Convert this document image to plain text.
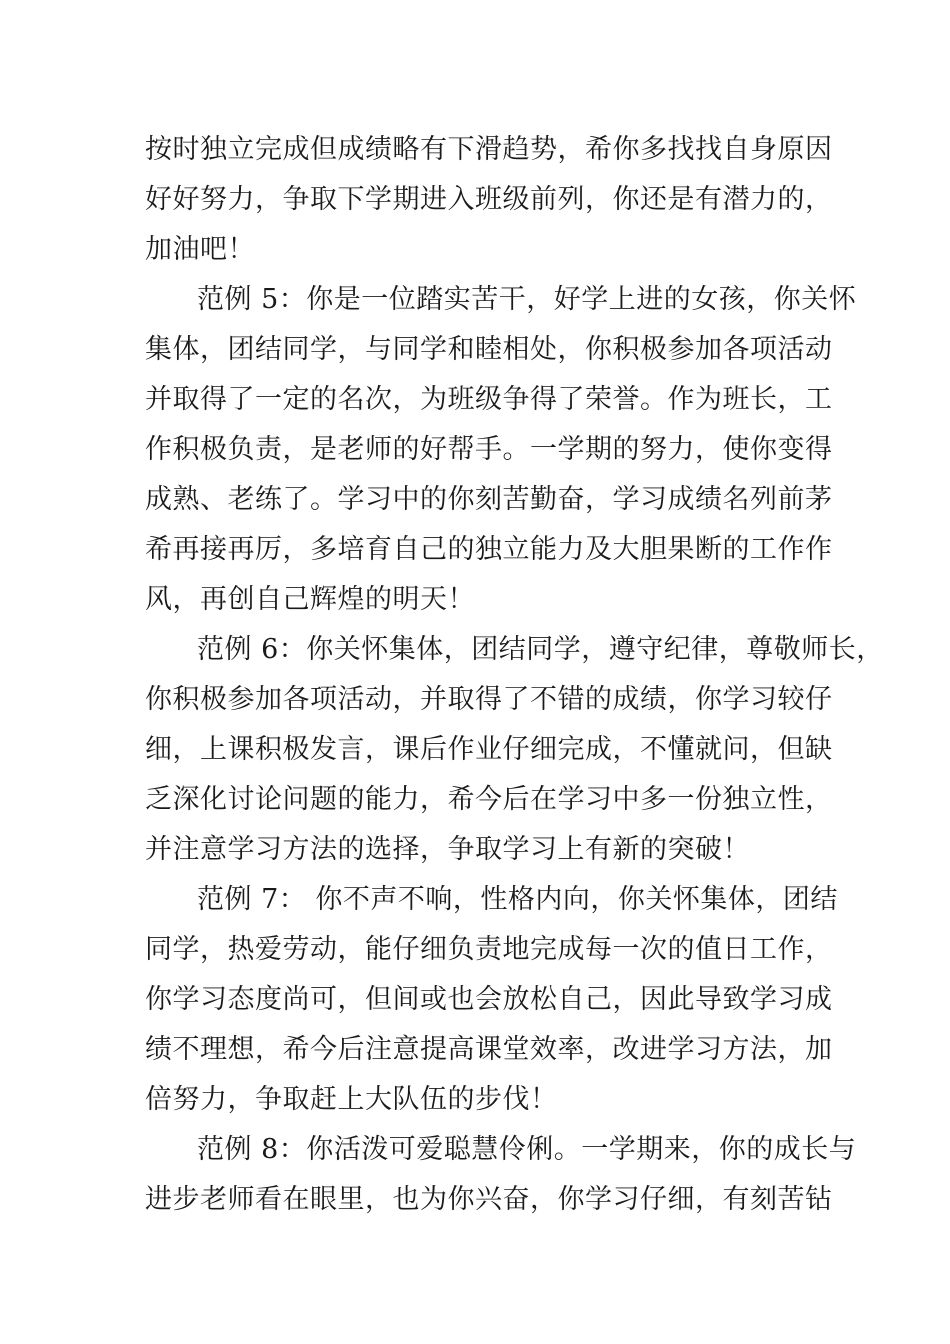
按时独立完成但成绩略有下滑趋势，希你多找找自身原因
好好努力，争取下学期进入班级前列，你还是有潜力的，
加油吧！
范例 5：你是一位踏实苦干，好学上进的女孩，你关怀
集体，团结同学，与同学和睦相处，你积极参加各项活动
并取得了一定的名次，为班级争得了荣誉。作为班长，工
作积极负责，是老师的好帮手。一学期的努力，使你变得
成熟、老练了。学习中的你刻苦勤奋，学习成绩名列前茅
希再接再厉，多培育自己的独立能力及大胆果断的工作作
风，再创自己辉煌的明天！
范例 6：你关怀集体，团结同学，遵守纪律，尊敬师长，
你积极参加各项活动，并取得了不错的成绩，你学习较仔
细，上课积极发言，课后作业仔细完成，不懂就问，但缺
乏深化讨论问题的能力，希今后在学习中多一份独立性，
并注意学习方法的选择，争取学习上有新的突破！
范例 7： 你不声不响，性格内向，你关怀集体，团结
同学，热爱劳动，能仔细负责地完成每一次的值日工作，
你学习态度尚可，但间或也会放松自己，因此导致学习成
绩不理想，希今后注意提高课堂效率，改进学习方法，加
倍努力，争取赶上大队伍的步伐！
范例 8：你活泼可爱聪慧伶俐。一学期来，你的成长与
进步老师看在眼里，也为你兴奋，你学习仔细，有刻苦钻
